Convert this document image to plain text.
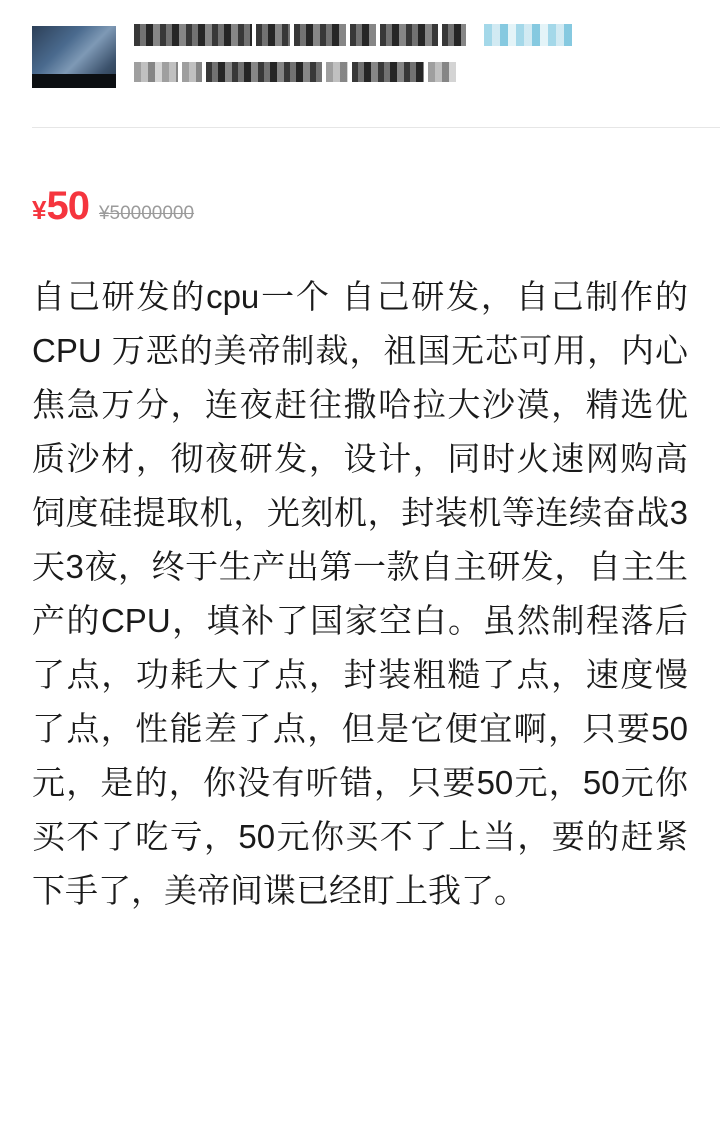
¥ 50 ¥50000000
自己研发的cpu一个 自己研发，自己制作的CPU 万恶的美帝制裁，祖国无芯可用，内心焦急万分，连夜赶往撒哈拉大沙漠，精选优质沙材，彻夜研发，设计，同时火速网购高饲度硅提取机，光刻机，封装机等连续奋战3天3夜，终于生产出第一款自主研发，自主生产的CPU，填补了国家空白。虽然制程落后了点，功耗大了点，封装粗糙了点，速度慢了点，性能差了点，但是它便宜啊，只要50元，是的，你没有听错，只要50元，50元你买不了吃亏，50元你买不了上当，要的赶紧下手了，美帝间谍已经盯上我了。
